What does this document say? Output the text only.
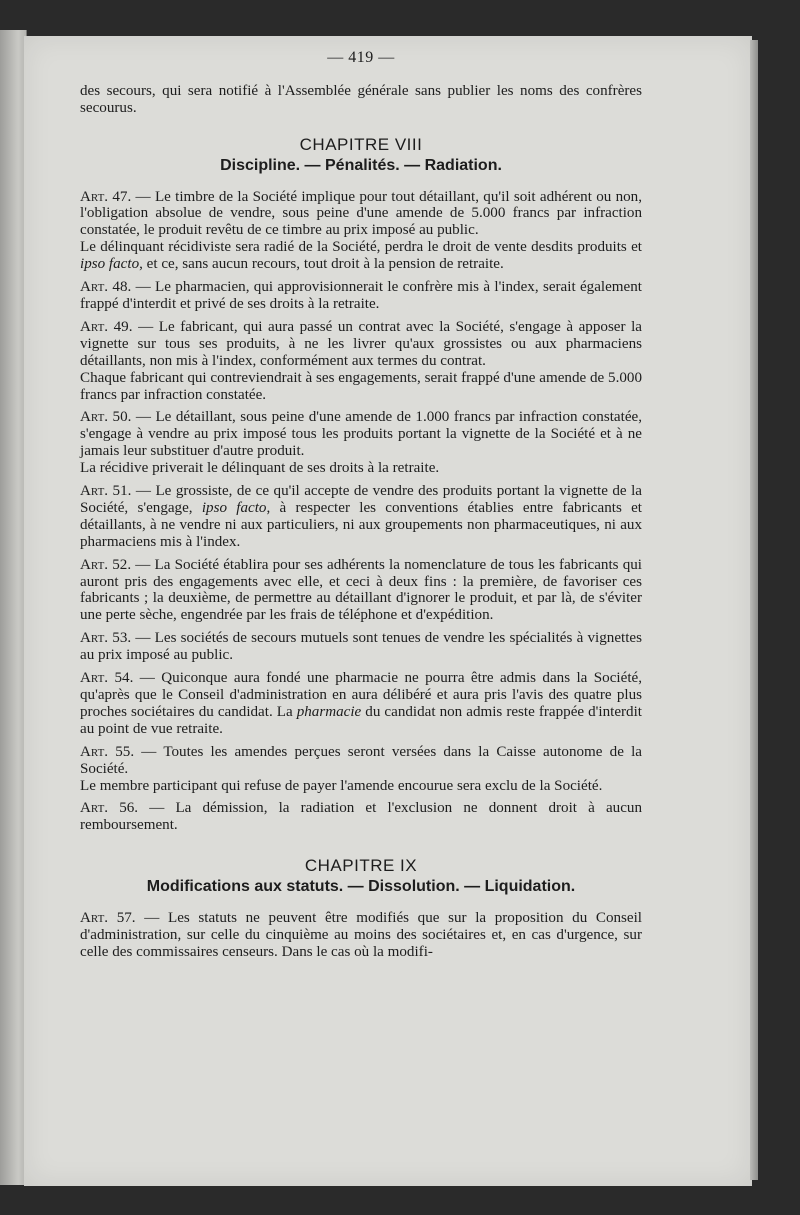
— 419 —

des secours, qui sera notifié à l'Assemblée générale sans publier les noms des confrères secourus.

CHAPITRE VIII
Discipline. — Pénalités. — Radiation.

Art. 47. — Le timbre de la Société implique pour tout détaillant, qu'il soit adhérent ou non, l'obligation absolue de vendre, sous peine d'une amende de 5.000 francs par infraction constatée, le produit revêtu de ce timbre au prix imposé au public.

Le délinquant récidiviste sera radié de la Société, perdra le droit de vente desdits produits et ipso facto, et ce, sans aucun recours, tout droit à la pension de retraite.

Art. 48. — Le pharmacien, qui approvisionnerait le confrère mis à l'index, serait également frappé d'interdit et privé de ses droits à la retraite.

Art. 49. — Le fabricant, qui aura passé un contrat avec la Société, s'engage à apposer la vignette sur tous ses produits, à ne les livrer qu'aux grossistes ou aux pharmaciens détaillants, non mis à l'index, conformément aux termes du contrat.

Chaque fabricant qui contreviendrait à ses engagements, serait frappé d'une amende de 5.000 francs par infraction constatée.

Art. 50. — Le détaillant, sous peine d'une amende de 1.000 francs par infraction constatée, s'engage à vendre au prix imposé tous les produits portant la vignette de la Société et à ne jamais leur substituer d'autre produit.

La récidive priverait le délinquant de ses droits à la retraite.

Art. 51. — Le grossiste, de ce qu'il accepte de vendre des produits portant la vignette de la Société, s'engage, ipso facto, à respecter les conventions établies entre fabricants et détaillants, à ne vendre ni aux particuliers, ni aux groupements non pharmaceutiques, ni aux pharmaciens mis à l'index.

Art. 52. — La Société établira pour ses adhérents la nomenclature de tous les fabricants qui auront pris des engagements avec elle, et ceci à deux fins : la première, de favoriser ces fabricants ; la deuxième, de permettre au détaillant d'ignorer le produit, et par là, de s'éviter une perte sèche, engendrée par les frais de téléphone et d'expédition.

Art. 53. — Les sociétés de secours mutuels sont tenues de vendre les spécialités à vignettes au prix imposé au public.

Art. 54. — Quiconque aura fondé une pharmacie ne pourra être admis dans la Société, qu'après que le Conseil d'administration en aura délibéré et aura pris l'avis des quatre plus proches sociétaires du candidat. La pharmacie du candidat non admis reste frappée d'interdit au point de vue retraite.

Art. 55. — Toutes les amendes perçues seront versées dans la Caisse autonome de la Société.

Le membre participant qui refuse de payer l'amende encourue sera exclu de la Société.

Art. 56. — La démission, la radiation et l'exclusion ne donnent droit à aucun remboursement.

CHAPITRE IX
Modifications aux statuts. — Dissolution. — Liquidation.

Art. 57. — Les statuts ne peuvent être modifiés que sur la proposition du Conseil d'administration, sur celle du cinquième au moins des sociétaires et, en cas d'urgence, sur celle des commissaires censeurs. Dans le cas où la modifi-
